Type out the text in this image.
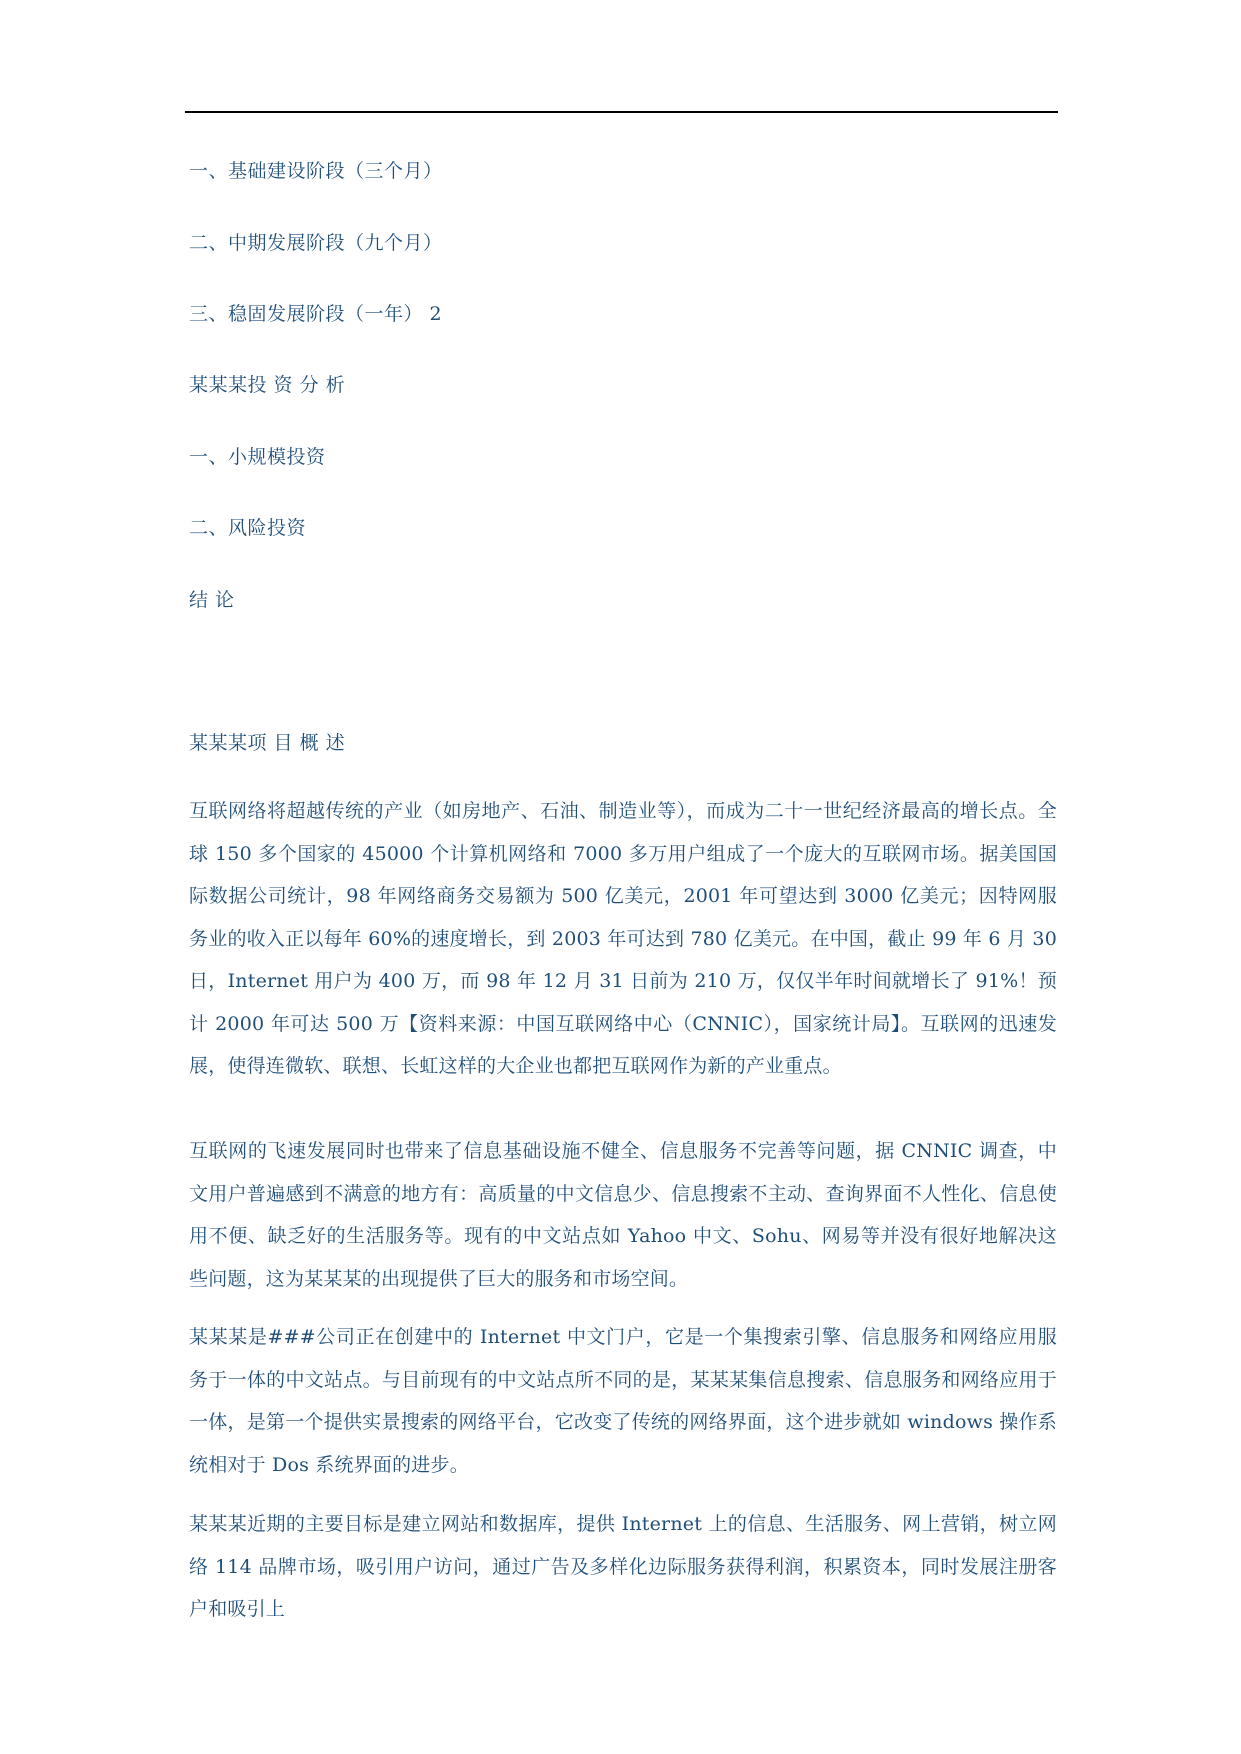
一、基础建设阶段（三个月）
二、中期发展阶段（九个月）
三、稳固发展阶段（一年） 2
某某某投 资 分 析
一、小规模投资
二、风险投资
结 论
某某某项 目 概 述

互联网络将超越传统的产业（如房地产、石油、制造业等），而成为二十一世纪经济最高的增长点。全球 150 多个国家的 45000 个计算机网络和 7000 多万用户组成了一个庞大的互联网市场。据美国国际数据公司统计，98 年网络商务交易额为 500 亿美元，2001 年可望达到 3000 亿美元；因特网服务业的收入正以每年 60%的速度增长，到 2003 年可达到 780 亿美元。在中国，截止 99 年 6 月 30 日，Internet 用户为 400 万，而 98 年 12 月 31 日前为 210 万，仅仅半年时间就增长了 91%！预计 2000 年可达 500 万【资料来源：中国互联网络中心（CNNIC），国家统计局】。互联网的迅速发展，使得连微软、联想、长虹这样的大企业也都把互联网作为新的产业重点。

互联网的飞速发展同时也带来了信息基础设施不健全、信息服务不完善等问题，据 CNNIC 调查，中文用户普遍感到不满意的地方有：高质量的中文信息少、信息搜索不主动、查询界面不人性化、信息使用不便、缺乏好的生活服务等。现有的中文站点如 Yahoo 中文、Sohu、网易等并没有很好地解决这些问题，这为某某某的出现提供了巨大的服务和市场空间。

某某某是###公司正在创建中的 Internet 中文门户，它是一个集搜索引擎、信息服务和网络应用服务于一体的中文站点。与目前现有的中文站点所不同的是，某某某集信息搜索、信息服务和网络应用于一体，是第一个提供实景搜索的网络平台，它改变了传统的网络界面，这个进步就如 windows 操作系统相对于 Dos 系统界面的进步。

某某某近期的主要目标是建立网站和数据库，提供 Internet 上的信息、生活服务、网上营销，树立网络 114 品牌市场，吸引用户访问，通过广告及多样化边际服务获得利润，积累资本，同时发展注册客户和吸引上
